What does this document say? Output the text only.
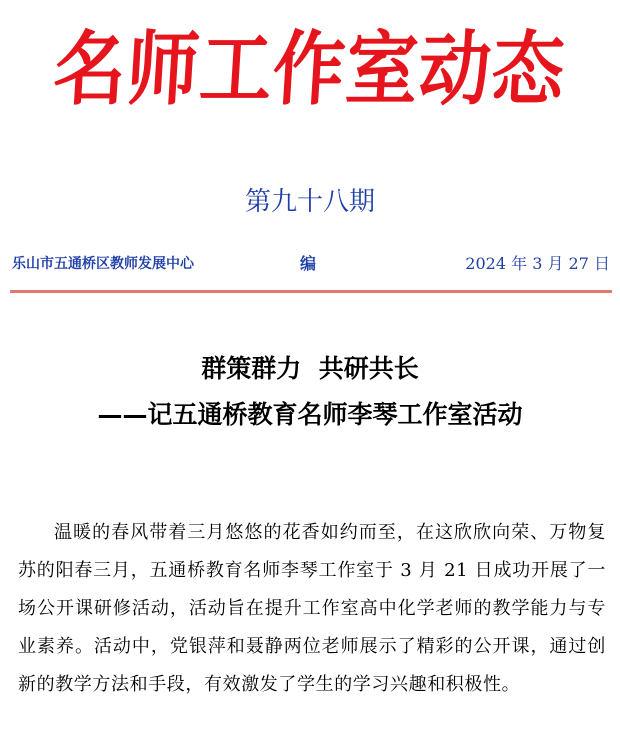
名师工作室动态
第九十八期
乐山市五通桥区教师发展中心	编	2024 年 3 月 27 日
群策群力  共研共长
——记五通桥教育名师李琴工作室活动

温暖的春风带着三月悠悠的花香如约而至，在这欣欣向荣、万物复苏的阳春三月，五通桥教育名师李琴工作室于 3 月 21 日成功开展了一场公开课研修活动，活动旨在提升工作室高中化学老师的教学能力与专业素养。活动中，党银萍和聂静两位老师展示了精彩的公开课，通过创新的教学方法和手段，有效激发了学生的学习兴趣和积极性。
